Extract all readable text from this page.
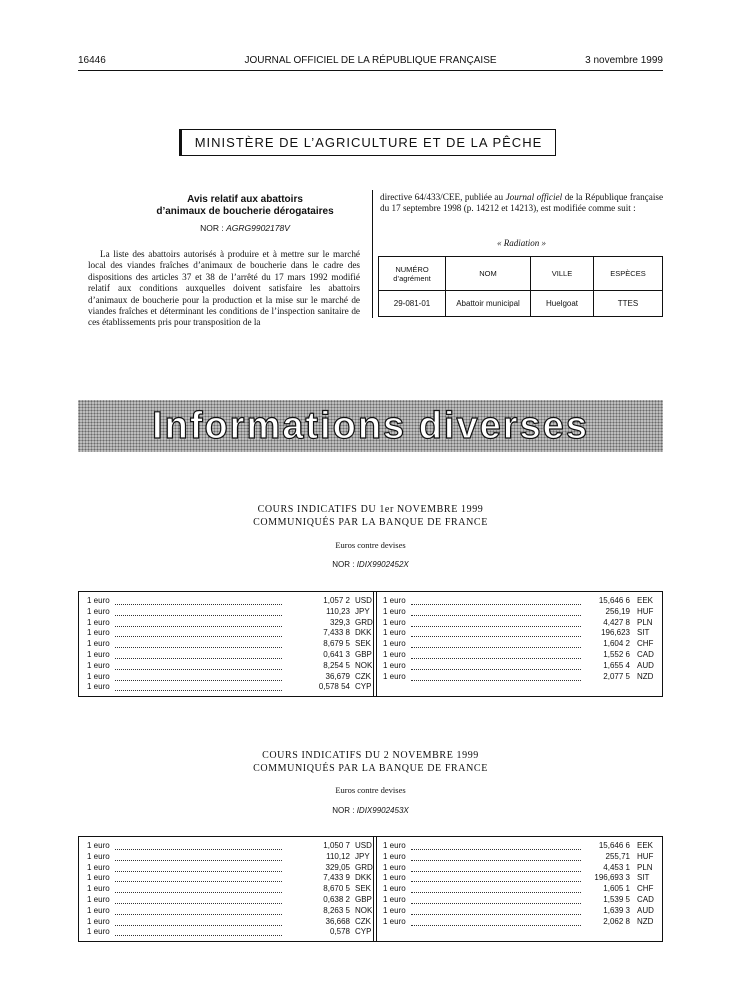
16446	JOURNAL OFFICIEL DE LA RÉPUBLIQUE FRANÇAISE	3 novembre 1999
MINISTÈRE DE L’AGRICULTURE ET DE LA PÊCHE
Avis relatif aux abattoirs
d’animaux de boucherie dérogataires
NOR : AGRG9902178V
La liste des abattoirs autorisés à produire et à mettre sur le marché local des viandes fraîches d’animaux de boucherie dans le cadre des dispositions des articles 37 et 38 de l’arrêté du 17 mars 1992 modifié relatif aux conditions auxquelles doivent satisfaire les abattoirs d’animaux de boucherie pour la production et la mise sur le marché de viandes fraîches et déterminant les conditions de l’inspection sanitaire de ces établissements pris pour transposition de la
directive 64/433/CEE, publiée au Journal officiel de la République française du 17 septembre 1998 (p. 14212 et 14213), est modifiée comme suit :
« Radiation »
NUMÉRO d’agrément	NOM	VILLE	ESPÈCES
29-081-01	Abattoir municipal	Huelgoat	TTES
Informations diverses
COURS INDICATIFS DU 1er NOVEMBRE 1999
COMMUNIQUÉS PAR LA BANQUE DE FRANCE
Euros contre devises
NOR : IDIX9902452X
1 euro	1,057 2 USD
1 euro	110,23 JPY
1 euro	329,3 GRD
1 euro	7,433 8 DKK
1 euro	8,679 5 SEK
1 euro	0,641 3 GBP
1 euro	8,254 5 NOK
1 euro	36,679 CZK
1 euro	0,578 54 CYP
1 euro	15,646 6 EEK
1 euro	256,19 HUF
1 euro	4,427 8 PLN
1 euro	196,623 SIT
1 euro	1,604 2 CHF
1 euro	1,552 6 CAD
1 euro	1,655 4 AUD
1 euro	2,077 5 NZD
COURS INDICATIFS DU 2 NOVEMBRE 1999
COMMUNIQUÉS PAR LA BANQUE DE FRANCE
Euros contre devises
NOR : IDIX9902453X
1 euro	1,050 7 USD
1 euro	110,12 JPY
1 euro	329,05 GRD
1 euro	7,433 9 DKK
1 euro	8,670 5 SEK
1 euro	0,638 2 GBP
1 euro	8,263 5 NOK
1 euro	36,668 CZK
1 euro	0,578 CYP
1 euro	15,646 6 EEK
1 euro	255,71 HUF
1 euro	4,453 1 PLN
1 euro	196,693 3 SIT
1 euro	1,605 1 CHF
1 euro	1,539 5 CAD
1 euro	1,639 3 AUD
1 euro	2,062 8 NZD
